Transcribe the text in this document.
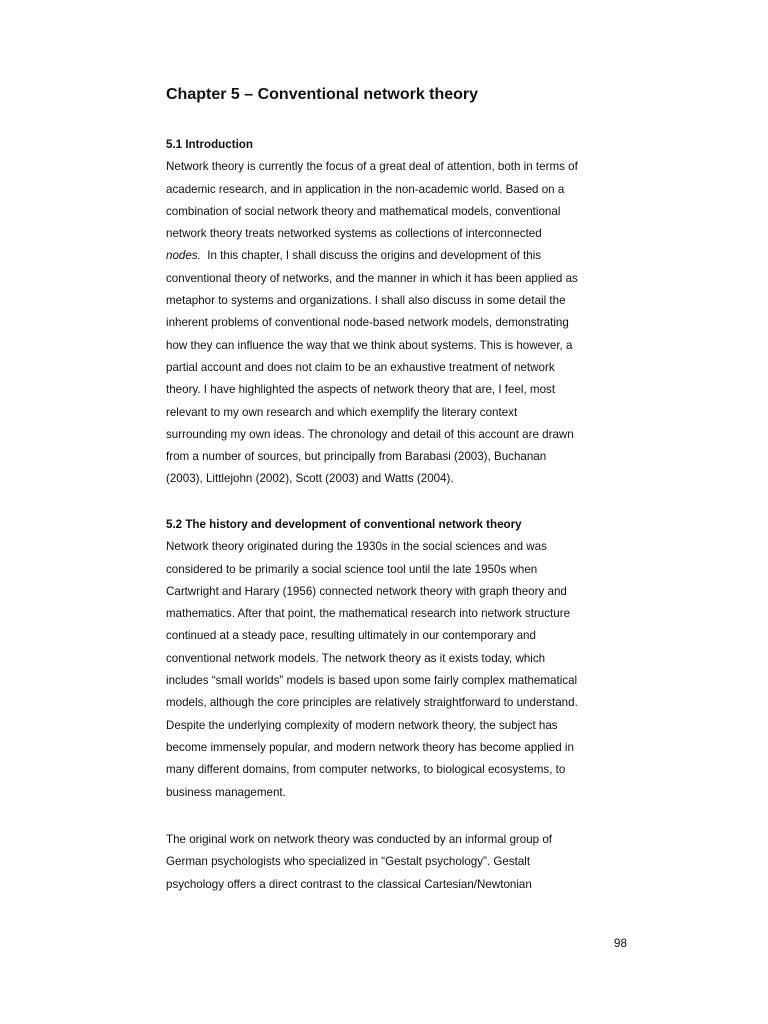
Chapter 5 – Conventional network theory
5.1 Introduction
Network theory is currently the focus of a great deal of attention, both in terms of
academic research, and in application in the non-academic world. Based on a
combination of social network theory and mathematical models, conventional
network theory treats networked systems as collections of interconnected
nodes. In this chapter, I shall discuss the origins and development of this
conventional theory of networks, and the manner in which it has been applied as
metaphor to systems and organizations. I shall also discuss in some detail the
inherent problems of conventional node-based network models, demonstrating
how they can influence the way that we think about systems. This is however, a
partial account and does not claim to be an exhaustive treatment of network
theory. I have highlighted the aspects of network theory that are, I feel, most
relevant to my own research and which exemplify the literary context
surrounding my own ideas. The chronology and detail of this account are drawn
from a number of sources, but principally from Barabasi (2003), Buchanan
(2003), Littlejohn (2002), Scott (2003) and Watts (2004).
5.2 The history and development of conventional network theory
Network theory originated during the 1930s in the social sciences and was
considered to be primarily a social science tool until the late 1950s when
Cartwright and Harary (1956) connected network theory with graph theory and
mathematics. After that point, the mathematical research into network structure
continued at a steady pace, resulting ultimately in our contemporary and
conventional network models. The network theory as it exists today, which
includes “small worlds” models is based upon some fairly complex mathematical
models, although the core principles are relatively straightforward to understand.
Despite the underlying complexity of modern network theory, the subject has
become immensely popular, and modern network theory has become applied in
many different domains, from computer networks, to biological ecosystems, to
business management.
The original work on network theory was conducted by an informal group of
German psychologists who specialized in “Gestalt psychology”. Gestalt
psychology offers a direct contrast to the classical Cartesian/Newtonian
98
